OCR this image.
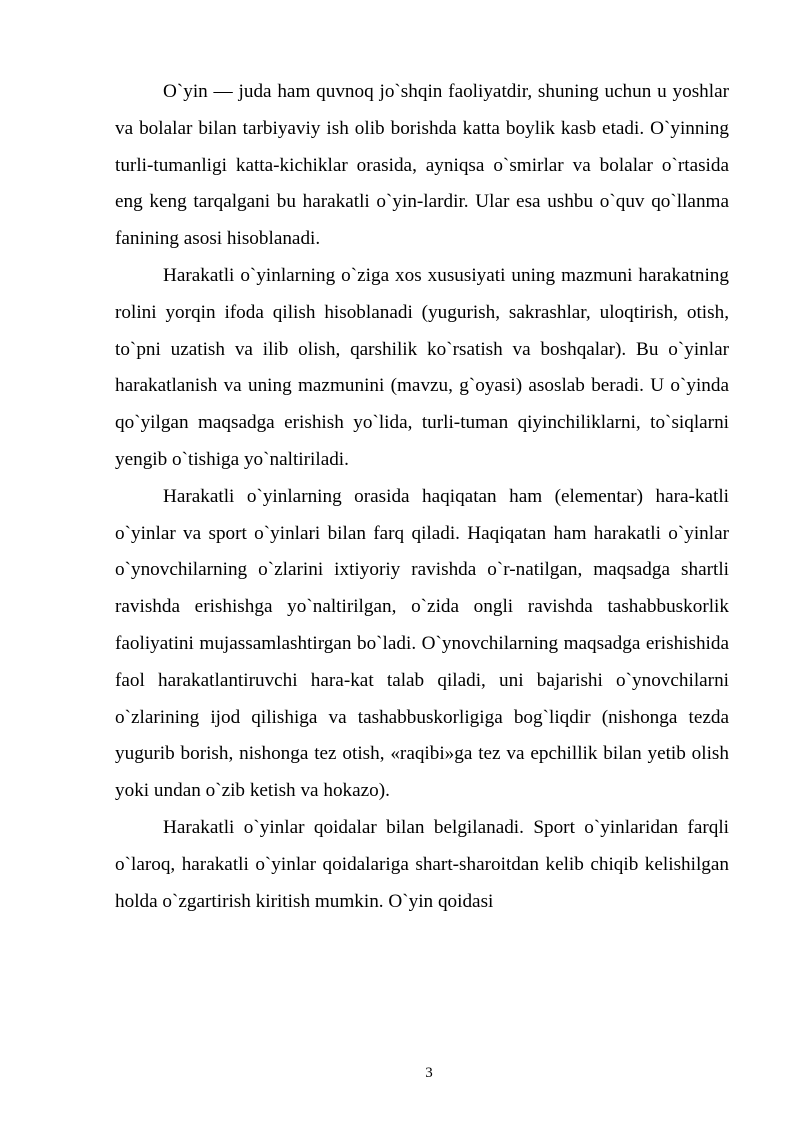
O`yin — juda ham quvnoq jo`shqin faoliyatdir, shuning uchun u yoshlar va bolalar bilan tarbiyaviy ish olib borishda katta boylik kasb etadi. O`yinning turli-tumanligi katta-kichiklar orasida, ayniqsa o`smirlar va bolalar o`rtasida eng keng tarqalgani bu harakatli o`yin-lardir. Ular esa ushbu o`quv qo`llanma fanining asosi hisoblanadi.

Harakatli o`yinlarning o`ziga xos xususiyati uning mazmuni harakatning rolini yorqin ifoda qilish hisoblanadi (yugurish, sakrashlar, uloqtirish, otish, to`pni uzatish va ilib olish, qarshilik ko`rsatish va boshqalar). Bu o`yinlar harakatlanish va uning mazmunini (mavzu, g`oyasi) asoslab beradi. U o`yinda qo`yilgan maqsadga erishish yo`lida, turli-tuman qiyinchiliklarni, to`siqlarni yengib o`tishiga yo`naltiriladi.

Harakatli o`yinlarning orasida haqiqatan ham (elementar) hara-katli o`yinlar va sport o`yinlari bilan farq qiladi. Haqiqatan ham harakatli o`yinlar o`ynovchilarning o`zlarini ixtiyoriy ravishda o`r-natilgan, maqsadga shartli ravishda erishishga yo`naltirilgan, o`zida ongli ravishda tashabbuskorlik faoliyatini mujassamlashtirgan bo`ladi. O`ynovchilarning maqsadga erishishida faol harakatlantiruvchi hara-kat talab qiladi, uni bajarishi o`ynovchilarni o`zlarining ijod qilishiga va tashabbuskorligiga bog`liqdir (nishonga tezda yugurib borish, nishonga tez otish, «raqibi»ga tez va epchillik bilan yetib olish yoki undan o`zib ketish va hokazo).

Harakatli o`yinlar qoidalar bilan belgilanadi. Sport o`yinlaridan farqli o`laroq, harakatli o`yinlar qoidalariga shart-sharoitdan kelib chiqib kelishilgan holda o`zgartirish kiritish mumkin. O`yin qoidasi

3
